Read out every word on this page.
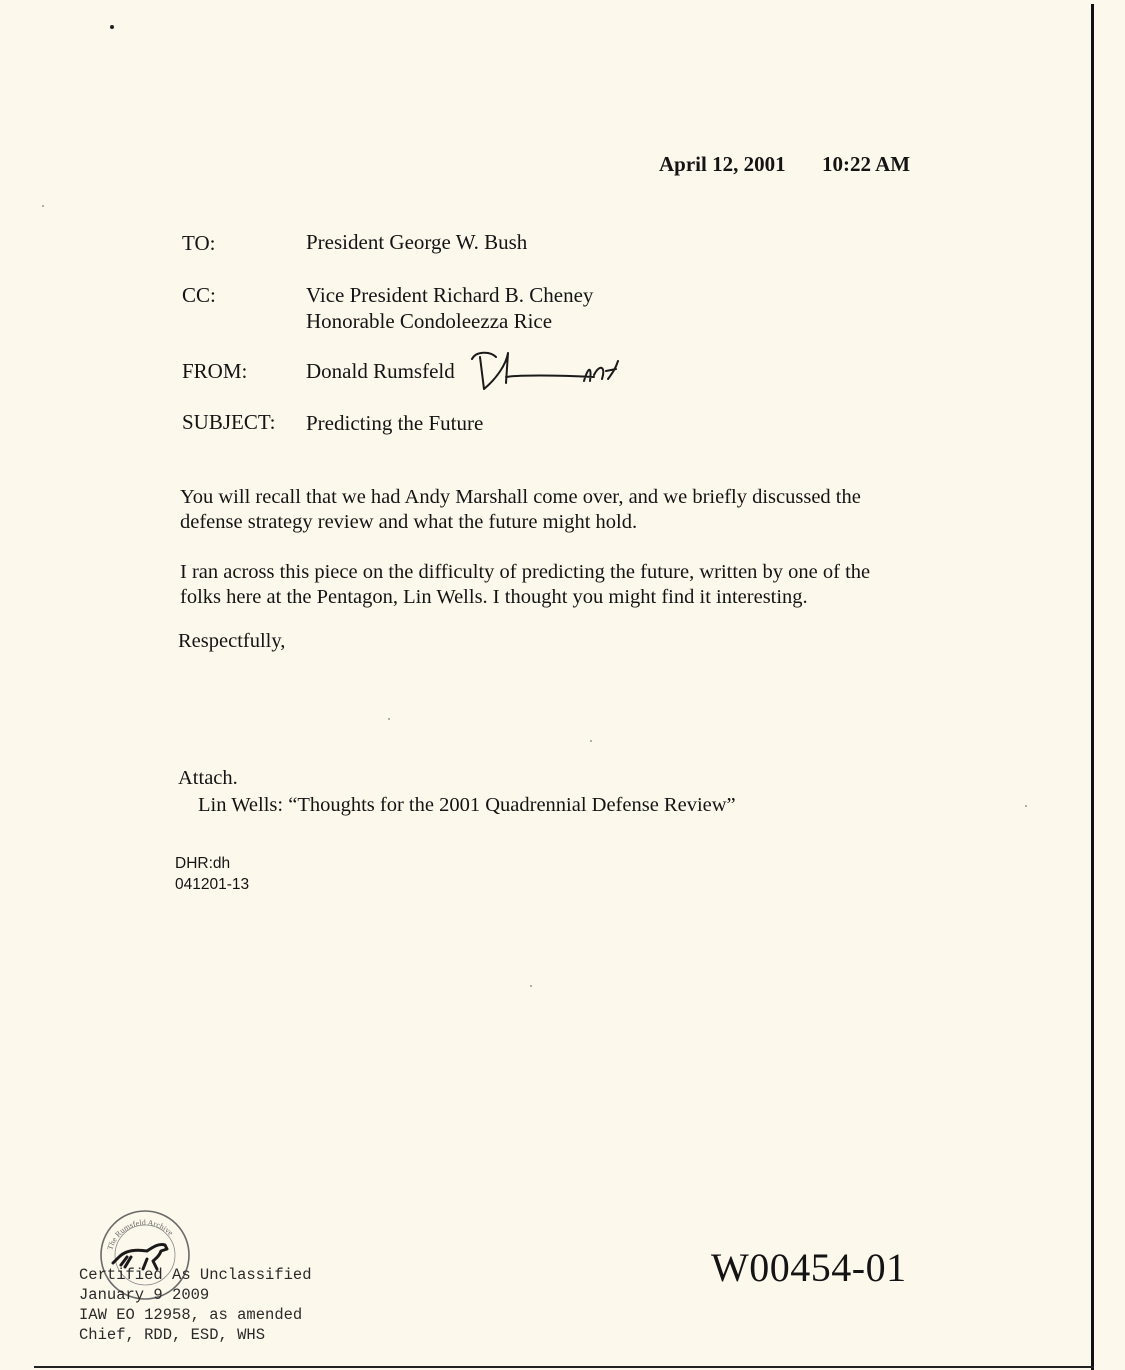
April 12, 2001 10:22 AM
TO:	President George W. Bush
CC:	Vice President Richard B. Cheney
Honorable Condoleezza Rice
FROM:	Donald Rumsfeld
SUBJECT: Predicting the Future
You will recall that we had Andy Marshall come over, and we briefly discussed the defense strategy review and what the future might hold.
I ran across this piece on the difficulty of predicting the future, written by one of the folks here at the Pentagon, Lin Wells. I thought you might find it interesting.
Respectfully,
Attach.
Lin Wells: “Thoughts for the 2001 Quadrennial Defense Review”
DHR:dh
041201-13
The Rumsfeld Archive
Certified As Unclassified
January 9 2009
IAW EO 12958, as amended
Chief, RDD, ESD, WHS
W00454-01
